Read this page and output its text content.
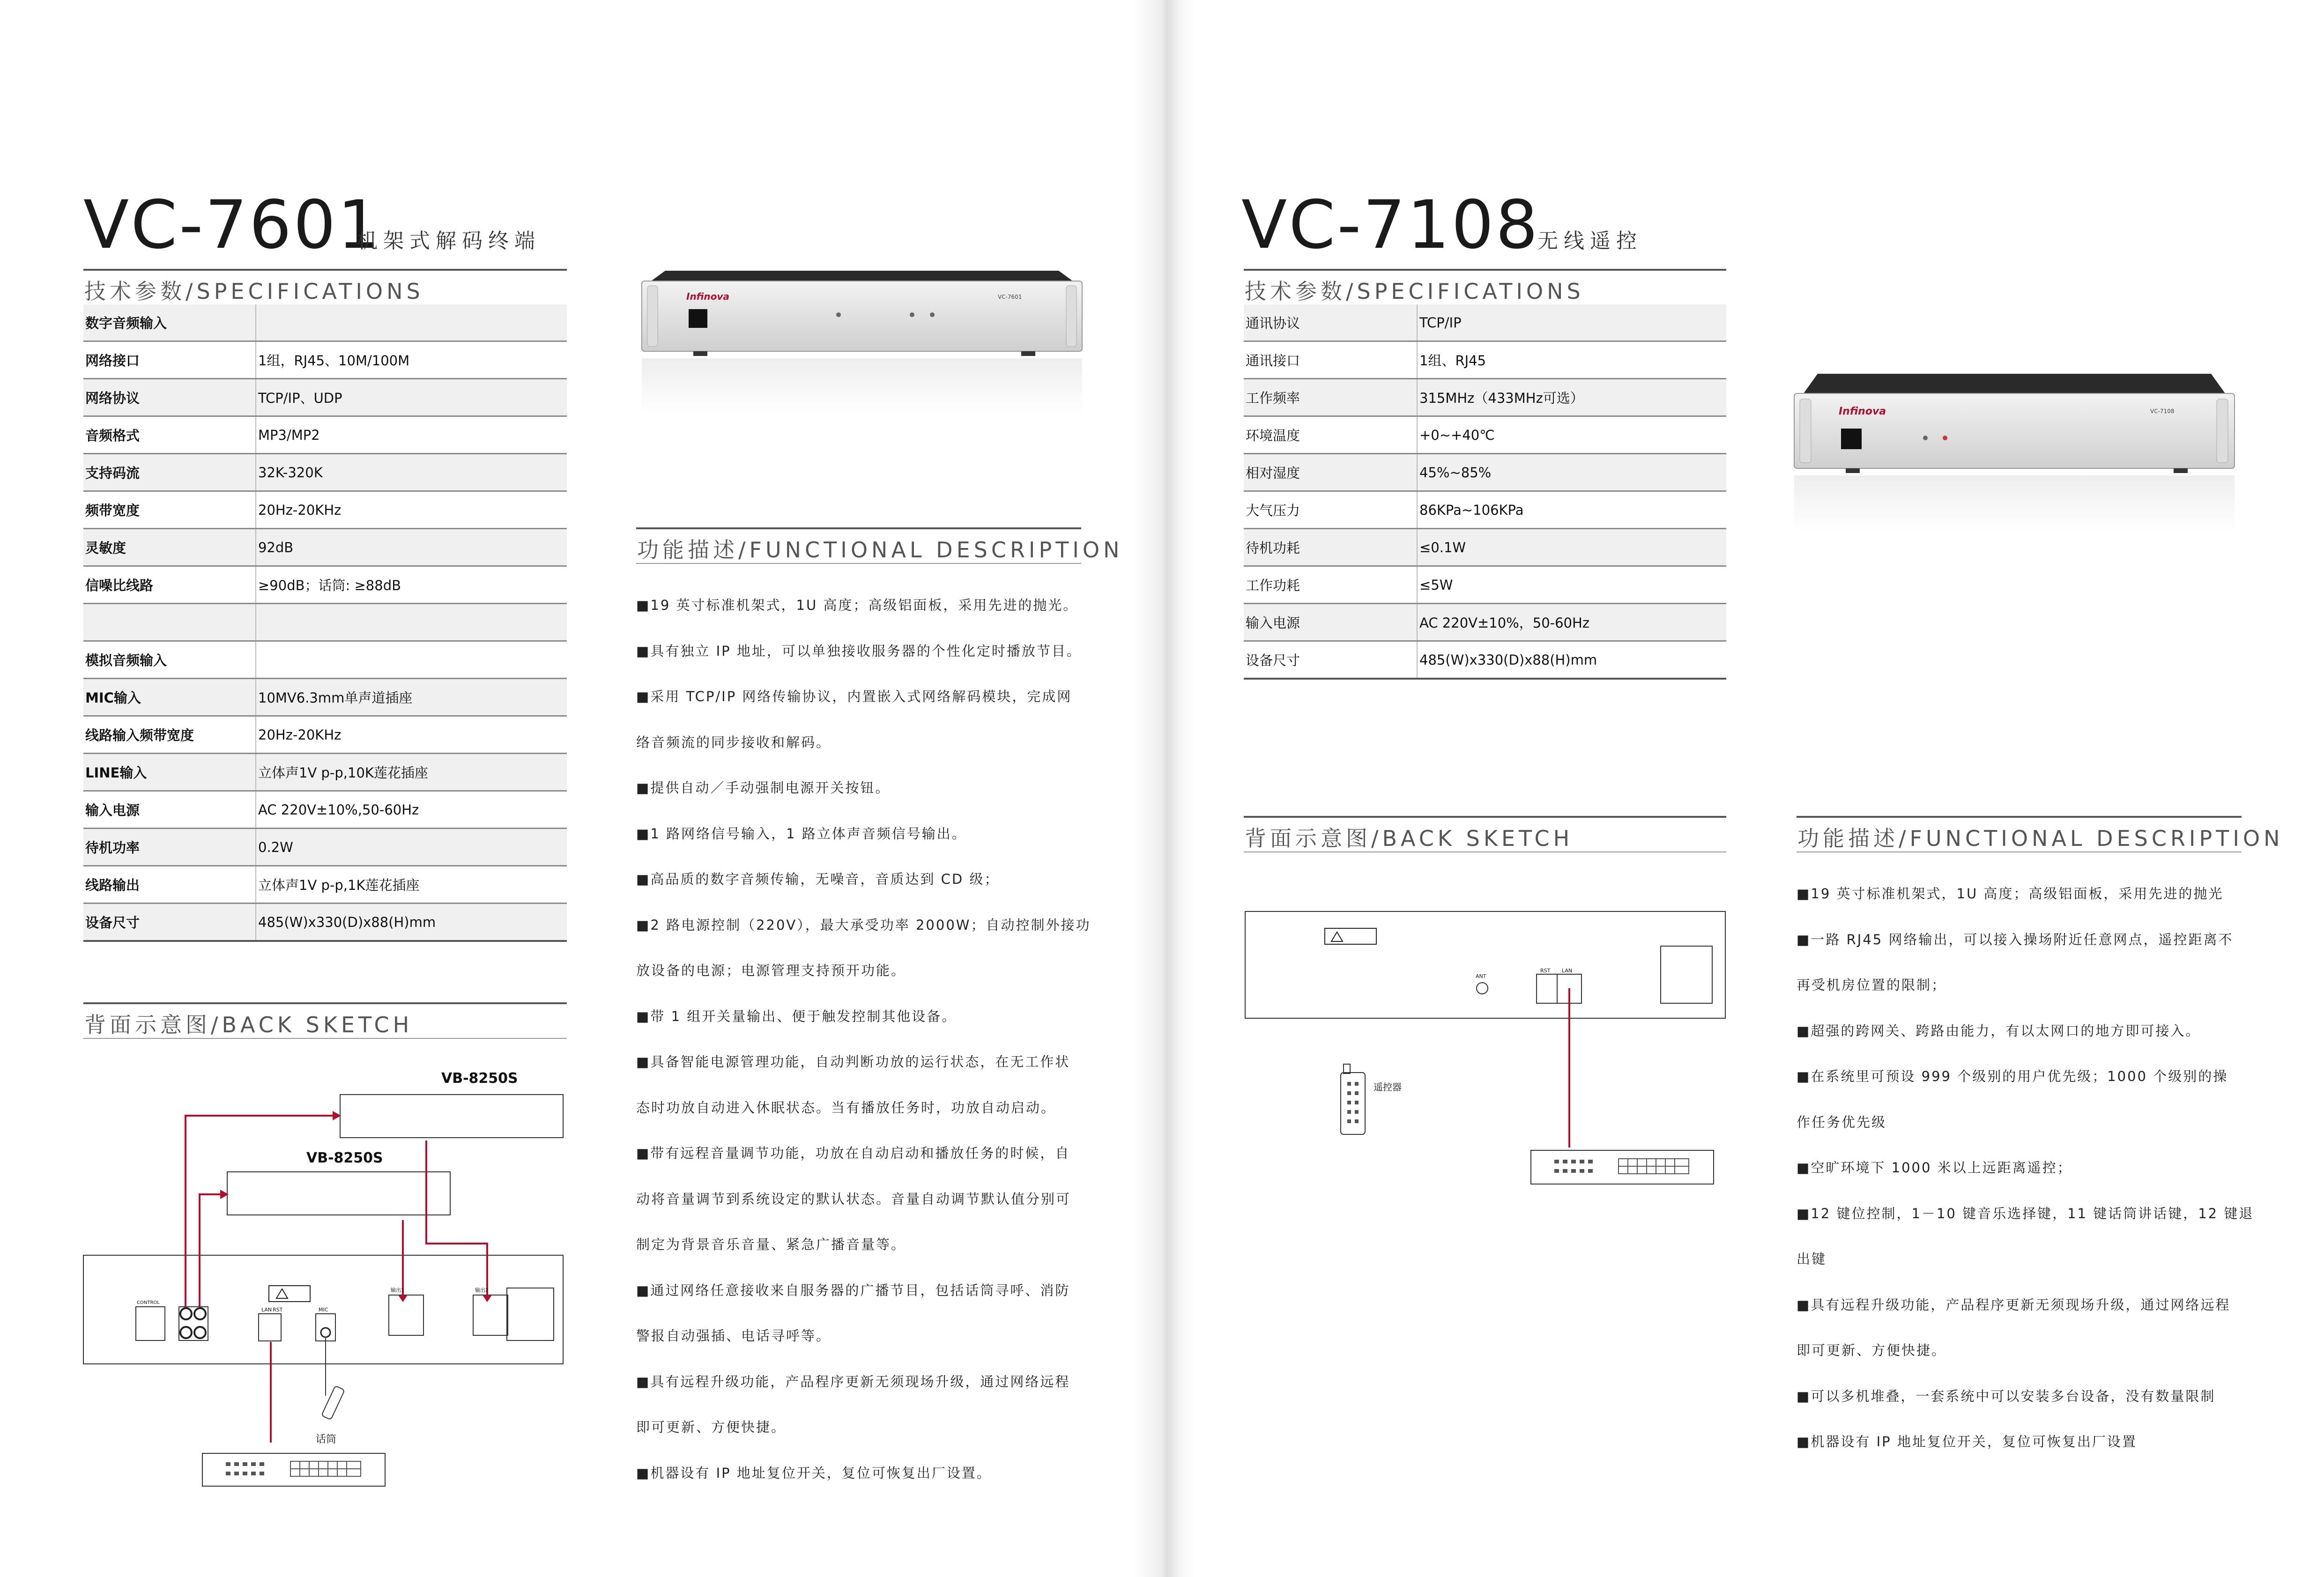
VC-7601
机架式解码终端
技术参数/SPECIFICATIONS
数字音频输入	
网络接口	1组，RJ45、10M/100M
网络协议	TCP/IP、UDP
音频格式	MP3/MP2
支持码流	32K-320K
频带宽度	20Hz-20KHz
灵敏度	92dB
信噪比线路	≥90dB；话筒: ≥88dB

模拟音频输入	
MIC输入	10MV6.3mm单声道插座
线路输入频带宽度	20Hz-20KHz
LINE输入	立体声1V p-p,10K莲花插座
输入电源	AC 220V±10%,50-60Hz
待机功率	0.2W
线路输出	立体声1V p-p,1K莲花插座
设备尺寸	485(W)x330(D)x88(H)mm
Infinova	VC-7601
功能描述/FUNCTIONAL DESCRIPTION
■19 英寸标准机架式，1U 高度；高级铝面板，采用先进的抛光。
■具有独立 IP 地址，可以单独接收服务器的个性化定时播放节目。
■采用 TCP/IP 网络传输协议，内置嵌入式网络解码模块，完成网
络音频流的同步接收和解码。
■提供自动／手动强制电源开关按钮。
■1 路网络信号输入，1 路立体声音频信号输出。
■高品质的数字音频传输，无噪音，音质达到 CD 级；
■2 路电源控制（220V），最大承受功率 2000W；自动控制外接功
放设备的电源；电源管理支持预开功能。
■带 1 组开关量输出、便于触发控制其他设备。
■具备智能电源管理功能，自动判断功放的运行状态，在无工作状
态时功放自动进入休眠状态。当有播放任务时，功放自动启动。
■带有远程音量调节功能，功放在自动启动和播放任务的时候，自
动将音量调节到系统设定的默认状态。音量自动调节默认值分别可
制定为背景音乐音量、紧急广播音量等。
■通过网络任意接收来自服务器的广播节目，包括话筒寻呼、消防
警报自动强插、电话寻呼等。
■具有远程升级功能，产品程序更新无须现场升级，通过网络远程
即可更新、方便快捷。
■机器设有 IP 地址复位开关，复位可恢复出厂设置。
背面示意图/BACK SKETCH
VB-8250S
VB-8250S
话筒
LAN RST	MIC
CONTROL
输出1	输出2
VC-7108
无线遥控
技术参数/SPECIFICATIONS
通讯协议	TCP/IP
通讯接口	1组、RJ45
工作频率	315MHz（433MHz可选）
环境温度	+0~+40℃
相对湿度	45%~85%
大气压力	86KPa~106KPa
待机功耗	≤0.1W
工作功耗	≤5W
输入电源	AC 220V±10%，50-60Hz
设备尺寸	485(W)x330(D)x88(H)mm
Infinova	VC-7108
背面示意图/BACK SKETCH
遥控器
ANT
RST LAN
功能描述/FUNCTIONAL DESCRIPTION
■19 英寸标准机架式，1U 高度；高级铝面板，采用先进的抛光
■一路 RJ45 网络输出，可以接入操场附近任意网点，遥控距离不
再受机房位置的限制；
■超强的跨网关、跨路由能力，有以太网口的地方即可接入。
■在系统里可预设 999 个级别的用户优先级；1000 个级别的操
作任务优先级
■空旷环境下 1000 米以上远距离遥控；
■12 键位控制，1－10 键音乐选择键，11 键话筒讲话键，12 键退
出键
■具有远程升级功能，产品程序更新无须现场升级，通过网络远程
即可更新、方便快捷。
■可以多机堆叠，一套系统中可以安装多台设备，没有数量限制
■机器设有 IP 地址复位开关，复位可恢复出厂设置
